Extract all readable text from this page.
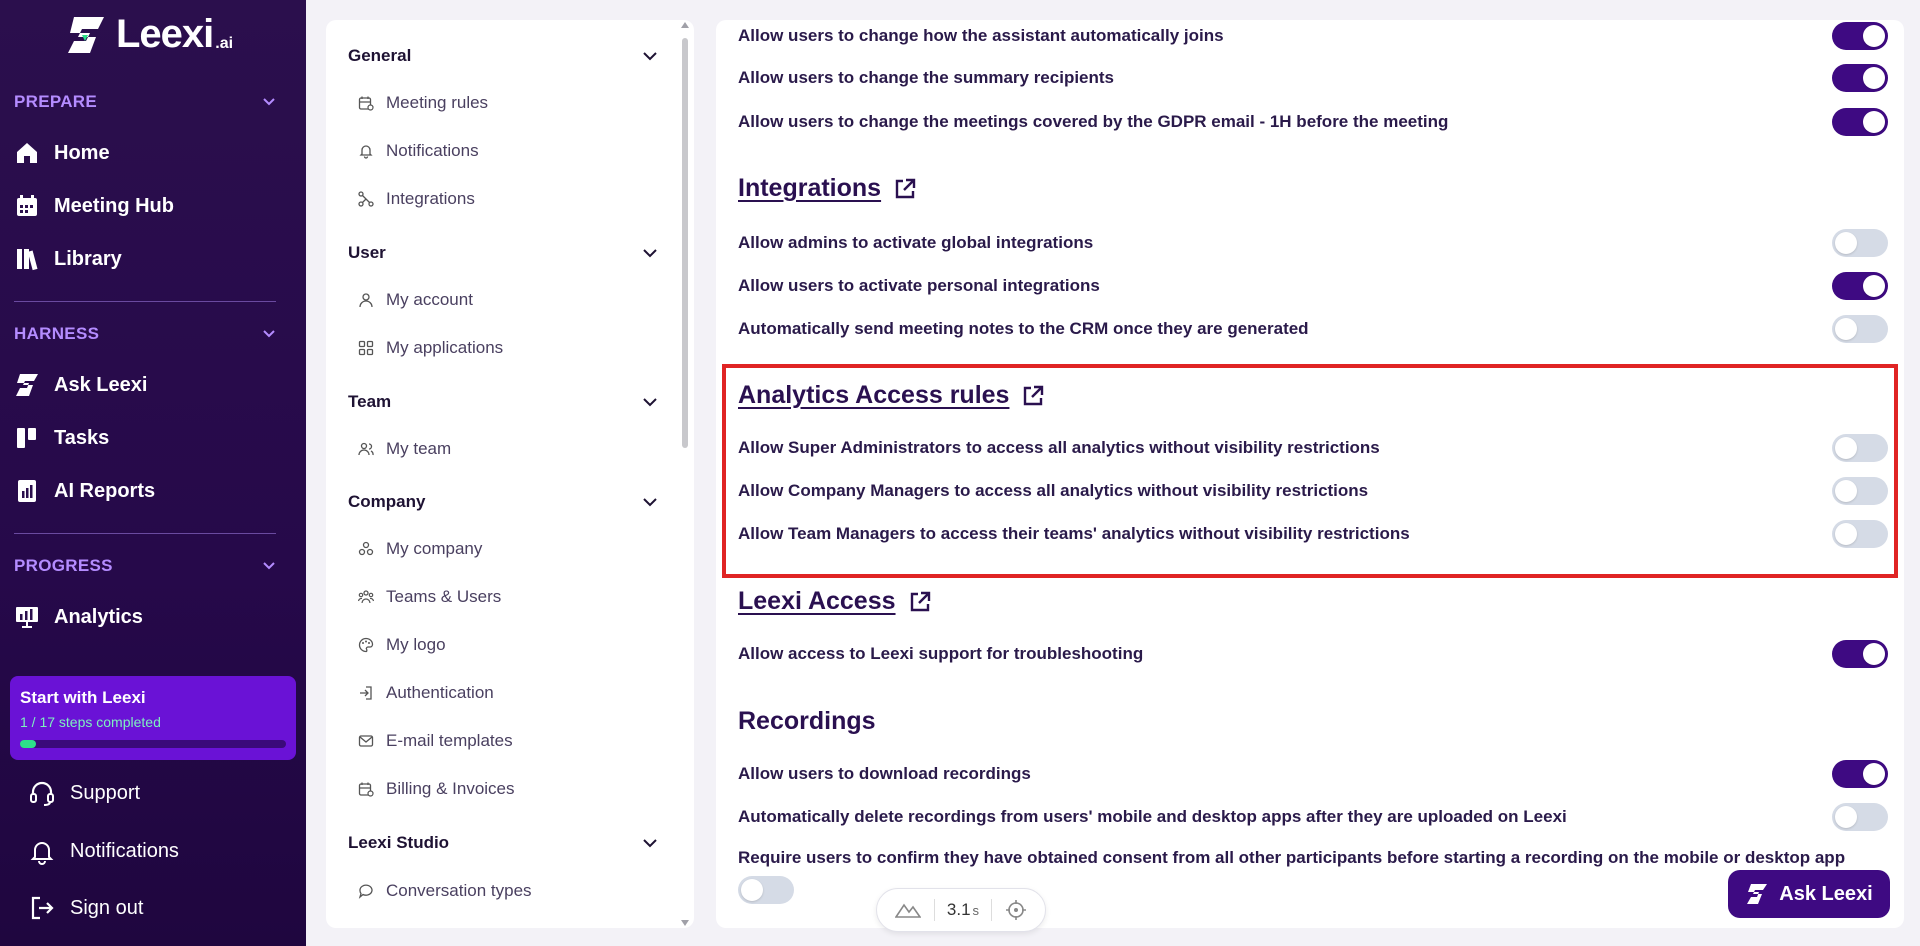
Leexi .ai
PREPARE
Home
Meeting Hub
Library
HARNESS
Ask Leexi
Tasks
AI Reports
PROGRESS
Analytics
Start with Leexi
1 / 17 steps completed
Support
Notifications
Sign out
General
Meeting rules
Notifications
Integrations
User
My account
My applications
Team
My team
Company
My company
Teams & Users
My logo
Authentication
E-mail templates
Billing & Invoices
Leexi Studio
Conversation types
Allow users to change how the assistant automatically joins
Allow users to change the summary recipients
Allow users to change the meetings covered by the GDPR email - 1H before the meeting
Integrations
Allow admins to activate global integrations
Allow users to activate personal integrations
Automatically send meeting notes to the CRM once they are generated
Analytics Access rules
Allow Super Administrators to access all analytics without visibility restrictions
Allow Company Managers to access all analytics without visibility restrictions
Allow Team Managers to access their teams' analytics without visibility restrictions
Leexi Access
Allow access to Leexi support for troubleshooting
Recordings
Allow users to download recordings
Automatically delete recordings from users' mobile and desktop apps after they are uploaded on Leexi
Require users to confirm they have obtained consent from all other participants before starting a recording on the mobile or desktop app
3.1 s
Ask Leexi
